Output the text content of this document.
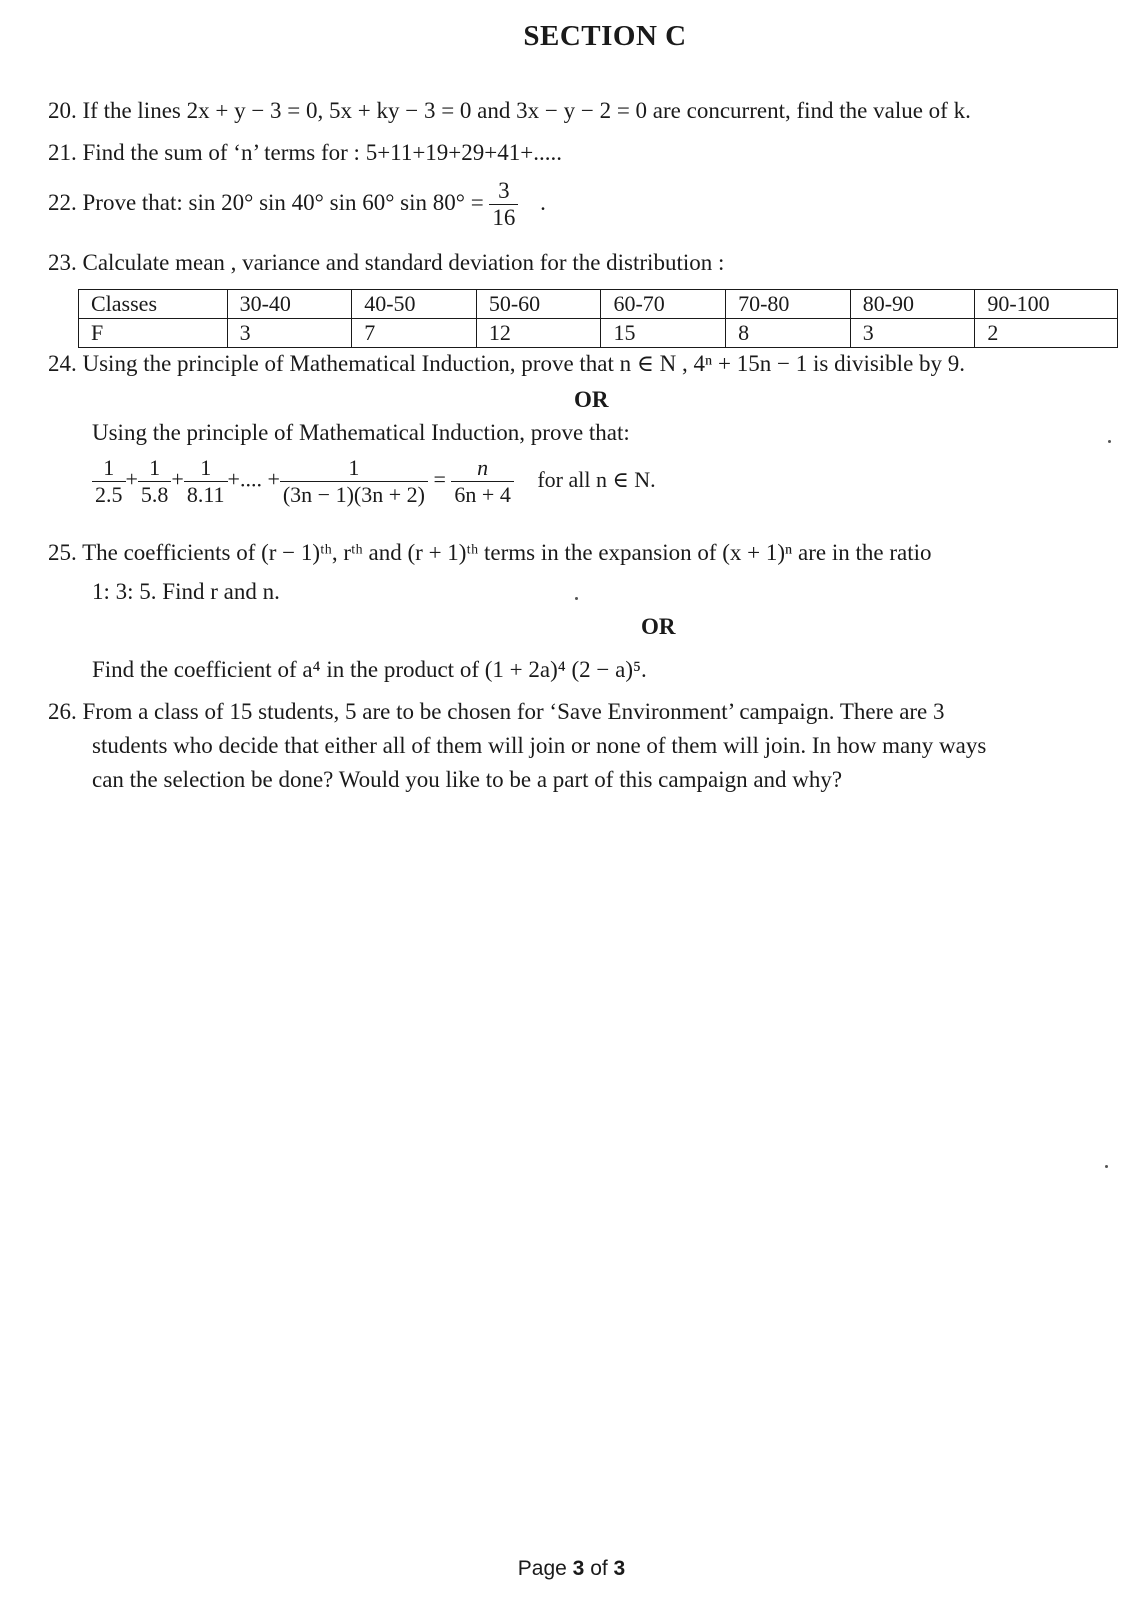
SECTION C
20. If the lines 2x + y − 3 = 0, 5x + ky − 3 = 0 and 3x − y − 2 = 0 are concurrent, find the value of k.
21. Find the sum of ‘n’ terms for : 5+11+19+29+41+.....
22. Prove that: sin 20° sin 40° sin 60° $\sin 80^\circ = \frac{3}{16}$ .
23. Calculate mean , variance and standard deviation for the distribution :
Classes	30-40	40-50	50-60	60-70	70-80	80-90	90-100
F	3	7	12	15	8	3	2
24. Using the principle of Mathematical Induction, prove that n ∈ N , 4ⁿ + 15n − 1 is divisible by 9.
OR
Using the principle of Mathematical Induction, prove that:
$\frac{1}{2.5} + \frac{1}{5.8} + \frac{1}{8.11}$ +.... + $\frac{1}{(3n - 1)(3n + 2)} = \frac{n}{6n + 4}$ for all n ∈ N.
25. The coefficients of (r − 1)ᵗʰ, rᵗʰ and (r + 1)ᵗʰ terms in the expansion of (x + 1)ⁿ are in the ratio
1: 3: 5. Find r and n.
OR
Find the coefficient of a⁴ in the product of (1 + 2a)⁴ (2 − a)⁵.
26. From a class of 15 students, 5 are to be chosen for ‘Save Environment’ campaign. There are 3
students who decide that either all of them will join or none of them will join. In how many ways
can the selection be done? Would you like to be a part of this campaign and why?
Page 3 of 3
